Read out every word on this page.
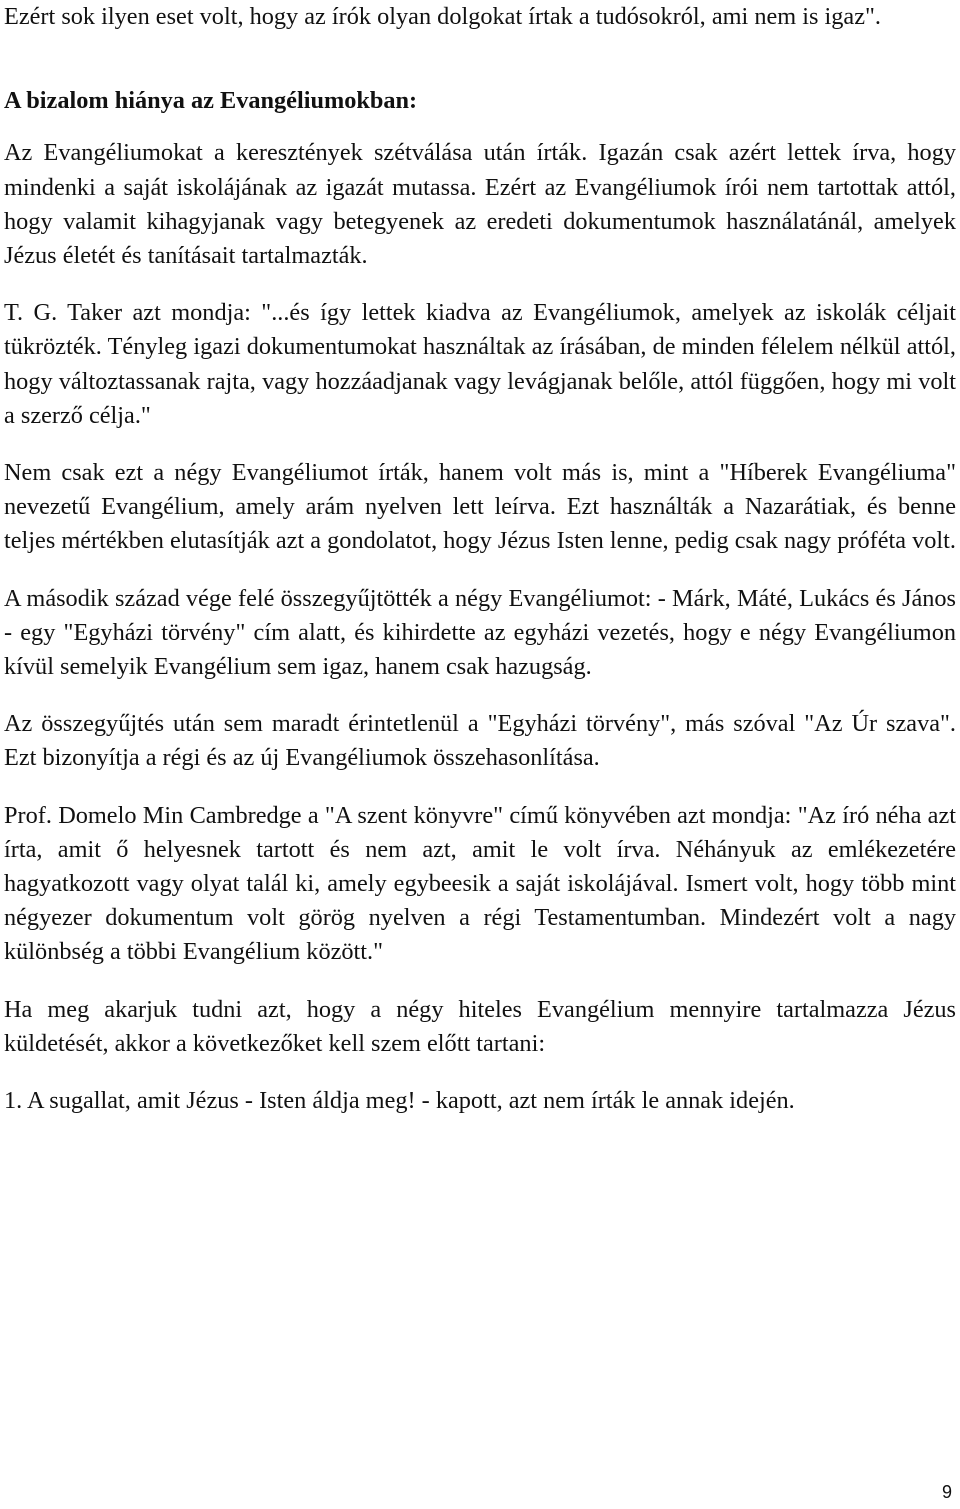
Ezért sok ilyen eset volt, hogy az írók olyan dolgokat írtak a tudósokról, ami nem is igaz".

A bizalom hiánya az Evangéliumokban:

Az Evangéliumokat a keresztények szétválása után írták. Igazán csak azért lettek írva, hogy mindenki a saját iskolájának az igazát mutassa. Ezért az Evangéliumok írói nem tartottak attól, hogy valamit kihagyjanak vagy betegyenek az eredeti dokumentumok használatánál, amelyek Jézus életét és tanításait tartalmazták.

T. G. Taker azt mondja: "...és így lettek kiadva az Evangéliumok, amelyek az iskolák céljait tükrözték. Tényleg igazi dokumentumokat használtak az írásában, de minden félelem nélkül attól, hogy változtassanak rajta, vagy hozzáadjanak vagy levágjanak belőle, attól függően, hogy mi volt a szerző célja."

Nem csak ezt a négy Evangéliumot írták, hanem volt más is, mint a "Híberek Evangéliuma" nevezetű Evangélium, amely arám nyelven lett leírva. Ezt használták a Nazarátiak, és benne teljes mértékben elutasítják azt a gondolatot, hogy Jézus Isten lenne, pedig csak nagy próféta volt.

A második század vége felé összegyűjtötték a négy Evangéliumot: - Márk, Máté, Lukács és János - egy "Egyházi törvény" cím alatt, és kihirdette az egyházi vezetés, hogy e négy Evangéliumon kívül semelyik Evangélium sem igaz, hanem csak hazugság.

Az összegyűjtés után sem maradt érintetlenül a "Egyházi törvény", más szóval "Az Úr szava". Ezt bizonyítja a régi és az új Evangéliumok összehasonlítása.

Prof. Domelo Min Cambredge a "A szent könyvre" című könyvében azt mondja: "Az író néha azt írta, amit ő helyesnek tartott és nem azt, amit le volt írva. Néhányuk az emlékezetére hagyatkozott vagy olyat talál ki, amely egybeesik a saját iskolájával. Ismert volt, hogy több mint négyezer dokumentum volt görög nyelven a régi Testamentumban. Mindezért volt a nagy különbség a többi Evangélium között."

Ha meg akarjuk tudni azt, hogy a négy hiteles Evangélium mennyire tartalmazza Jézus küldetését, akkor a következőket kell szem előtt tartani:

1. A sugallat, amit Jézus - Isten áldja meg! - kapott, azt nem írták le annak idején.

9
